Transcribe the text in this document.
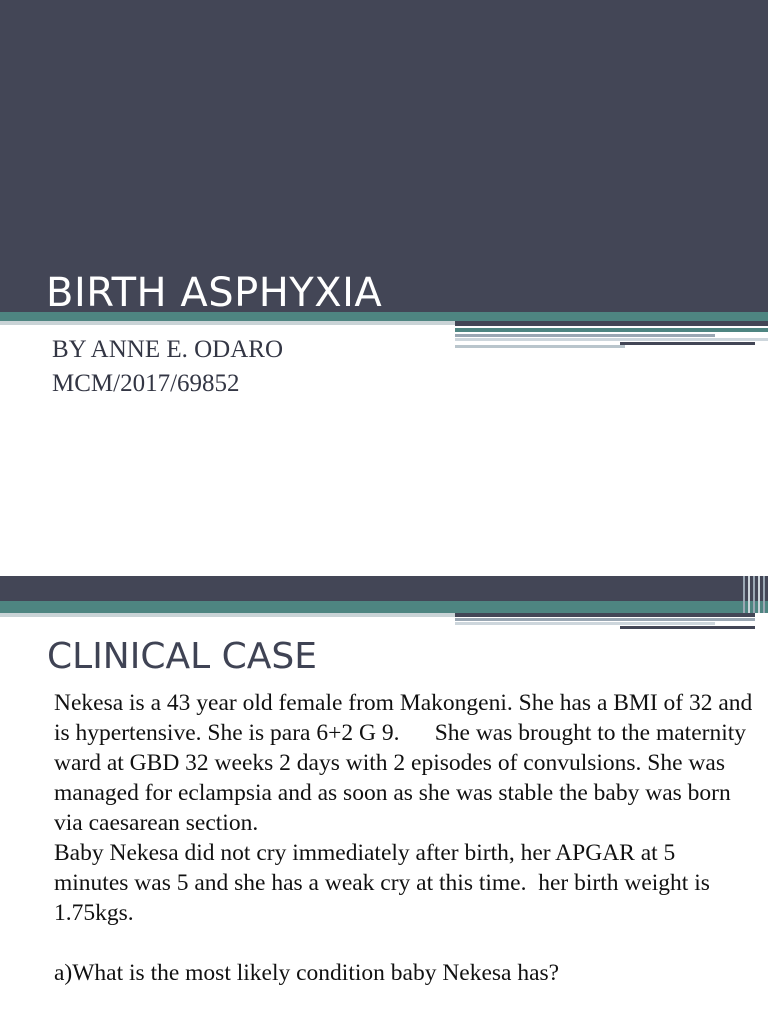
BIRTH ASPHYXIA
BY ANNE E. ODARO
MCM/2017/69852
CLINICAL CASE

Nekesa is a 43 year old female from Makongeni. She has a BMI of 32 and is hypertensive. She is para 6+2 G 9.      She was brought to the maternity ward at GBD 32 weeks 2 days with 2 episodes of convulsions. She was managed for eclampsia and as soon as she was stable the baby was born via caesarean section.

Baby Nekesa did not cry immediately after birth, her APGAR at 5 minutes was 5 and she has a weak cry at this time.  her birth weight is 1.75kgs.

a)What is the most likely condition baby Nekesa has?
